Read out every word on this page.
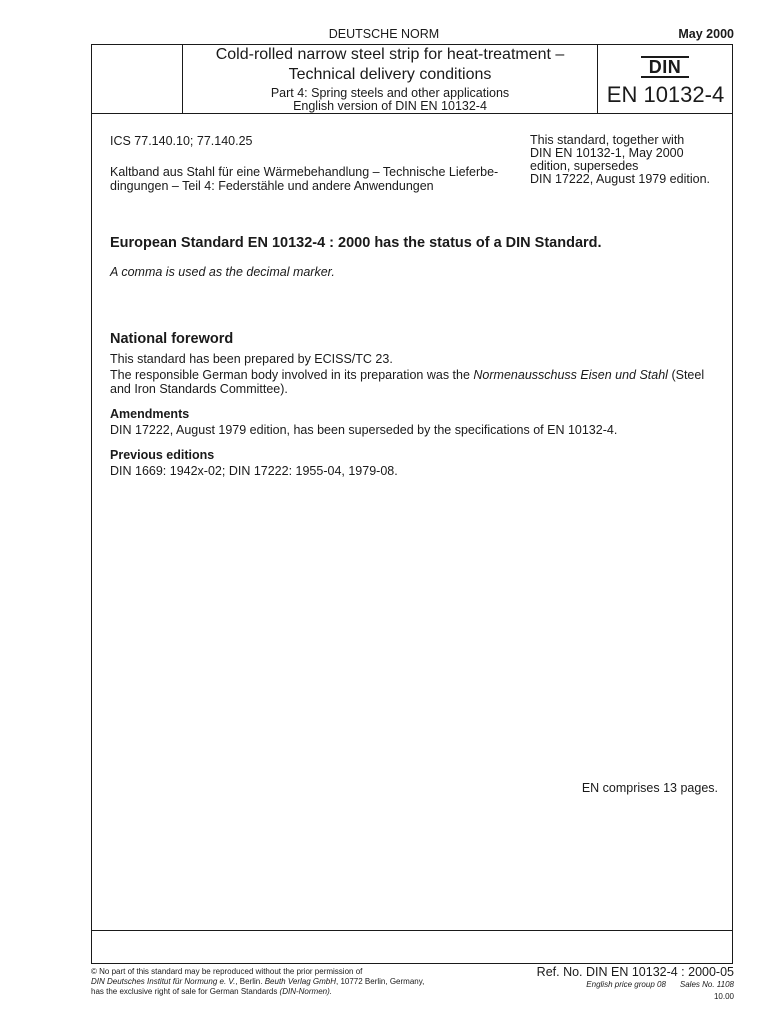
DEUTSCHE NORM	May 2000
Cold-rolled narrow steel strip for heat-treatment –
Technical delivery conditions
Part 4: Spring steels and other applications
English version of DIN EN 10132-4
DIN
EN 10132-4
ICS 77.140.10; 77.140.25
Kaltband aus Stahl für eine Wärmebehandlung – Technische Lieferbe-dingungen – Teil 4: Federstähle und andere Anwendungen
This standard, together with
DIN EN 10132-1, May 2000
edition, supersedes
DIN 17222, August 1979 edition.
European Standard EN 10132-4 : 2000 has the status of a DIN Standard.
A comma is used as the decimal marker.
National foreword
This standard has been prepared by ECISS/TC 23.
The responsible German body involved in its preparation was the Normenausschuss Eisen und Stahl (Steel and Iron Standards Committee).
Amendments
DIN 17222, August 1979 edition, has been superseded by the specifications of EN 10132-4.
Previous editions
DIN 1669: 1942x-02; DIN 17222: 1955-04, 1979-08.
EN comprises 13 pages.
© No part of this standard may be reproduced without the prior permission of
DIN Deutsches Institut für Normung e. V., Berlin. Beuth Verlag GmbH, 10772 Berlin, Germany,
has the exclusive right of sale for German Standards (DIN-Normen).
Ref. No. DIN EN 10132-4 : 2000-05
English price group 08 Sales No. 1108
10.00
